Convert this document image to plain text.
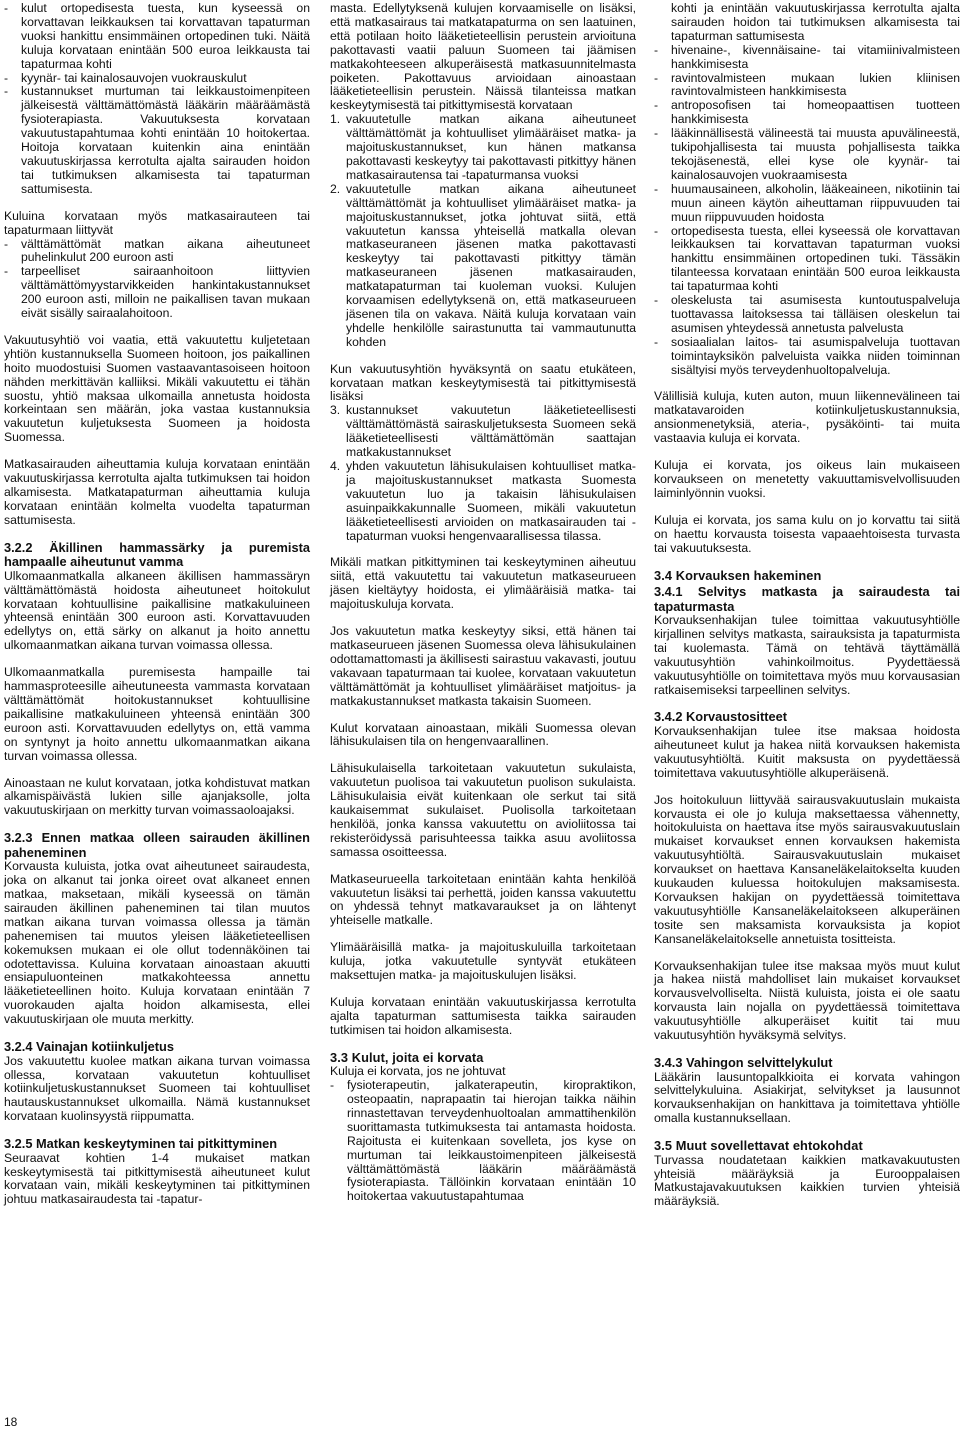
-	kulut ortopedisesta tuesta, kun kyseessä on korvattavan leikkauksen tai korvattavan tapaturman vuoksi hankittu ensimmäinen ortopedinen tuki. Näitä kuluja korvataan enintään 500 euroa leikkausta tai tapaturmaa kohti
-	kyynär- tai kainalosauvojen vuokrauskulut
-	kustannukset murtuman tai leikkaustoimenpiteen jälkeisestä välttämättömästä lääkärin määräämästä fysioterapiasta. Vakuutuksesta korvataan vakuutustapahtumaa kohti enintään 10 hoitokertaa. Hoitoja korvataan kuitenkin aina enintään vakuutuskirjassa kerrotulta ajalta sairauden hoidon tai tutkimuksen alkamisesta tai tapaturman sattumisesta.
Kuluina korvataan myös matkasairauteen tai tapaturmaan liittyvät
-	välttämättömät matkan aikana aiheutuneet puhelinkulut 200 euroon asti
-	tarpeelliset sairaanhoitoon liittyvien välttämättömyystarvikkeiden hankintakustannukset 200 euroon asti, milloin ne paikallisen tavan mukaan eivät sisälly sairaalahoitoon.
Vakuutusyhtiö voi vaatia, että vakuutettu kuljetetaan yhtiön kustannuksella Suomeen hoitoon, jos paikallinen hoito muodostuisi Suomen vastaavantasoiseen hoitoon nähden merkittävän kalliiksi. Mikäli vakuutettu ei tähän suostu, yhtiö maksaa ulkomailla annetusta hoidosta korkeintaan sen määrän, joka vastaa kustannuksia vakuutetun kuljetuksesta Suomeen ja hoidosta Suomessa.
Matkasairauden aiheuttamia kuluja korvataan enintään vakuutuskirjassa kerrotulta ajalta tutkimuksen tai hoidon alkamisesta. Matkatapaturman aiheuttamia kuluja korvataan enintään kolmelta vuodelta tapaturman sattumisesta.
3.2.2 Äkillinen hammassärky ja puremista hampaalle aiheutunut vamma
Ulkomaanmatkalla alkaneen äkillisen hammassäryn välttämättömästä hoidosta aiheutuneet hoitokulut korvataan kohtuullisine paikallisine matkakuluineen yhteensä enintään 300 euroon asti. Korvattavuuden edellytys on, että särky on alkanut ja hoito annettu ulkomaanmatkan aikana turvan voimassa ollessa.
Ulkomaanmatkalla puremisesta hampaille tai hammasproteesille aiheutuneesta vammasta korvataan välttämättömät hoitokustannukset kohtuullisine paikallisine matkakuluineen yhteensä enintään 300 euroon asti. Korvattavuuden edellytys on, että vamma on syntynyt ja hoito annettu ulkomaanmatkan aikana turvan voimassa ollessa.
Ainoastaan ne kulut korvataan, jotka kohdistuvat matkan alkamispäivästä lukien sille ajanjaksolle, jolta vakuutuskirjaan on merkitty turvan voimassaoloajaksi.
3.2.3 Ennen matkaa olleen sairauden äkillinen paheneminen
Korvausta kuluista, jotka ovat aiheutuneet sairaudesta, joka on alkanut tai jonka oireet ovat alkaneet ennen matkaa, maksetaan, mikäli kyseessä on tämän sairauden äkillinen paheneminen tai tilan muutos matkan aikana turvan voimassa ollessa ja tämän pahenemisen tai muutos yleisen lääketieteellisen kokemuksen mukaan ei ole ollut todennäköinen tai odotettavissa. Kuluina korvataan ainoastaan akuutti ensiapuluonteinen matkakohteessa annettu lääketieteellinen hoito. Kuluja korvataan enintään 7 vuorokauden ajalta hoidon alkamisesta, ellei vakuutuskirjaan ole muuta merkitty.
3.2.4 Vainajan kotiinkuljetus
Jos vakuutettu kuolee matkan aikana turvan voimassa ollessa, korvataan vakuutetun kohtuulliset kotiinkuljetuskustannukset Suomeen tai kohtuulliset hautauskustannukset ulkomailla. Nämä kustannukset korvataan kuolinsyystä riippumatta.
3.2.5 Matkan keskeytyminen tai pitkittyminen
Seuraavat kohtien 1-4 mukaiset matkan keskeytymisestä tai pitkittymisestä aiheutuneet kulut korvataan vain, mikäli keskeytyminen tai pitkittyminen johtuu matkasairaudesta tai -tapatur-
masta. Edellytyksenä kulujen korvaamiselle on lisäksi, että matkasairaus tai matkatapaturma on sen laatuinen, että potilaan hoito lääketieteellisin perustein arvioituna pakottavasti vaatii paluun Suomeen tai jäämisen matkakohteeseen alkuperäisestä matkasuunnitelmasta poiketen. Pakottavuus arvioidaan ainoastaan lääketieteellisin perustein. Näissä tilanteissa matkan keskeytymisestä tai pitkittymisestä korvataan
1. vakuutetulle matkan aikana aiheutuneet välttämättömät ja kohtuulliset ylimääräiset matka- ja majoituskustannukset, kun hänen matkansa pakottavasti keskeytyy tai pakottavasti pitkittyy hänen matkasairautensa tai -tapaturmansa vuoksi
2. vakuutetulle matkan aikana aiheutuneet välttämättömät ja kohtuulliset ylimääräiset matka- ja majoituskustannukset, jotka johtuvat siitä, että vakuutetun kanssa yhteisellä matkalla olevan matkaseuraneen jäsenen matka pakottavasti keskeytyy tai pakottavasti pitkittyy tämän matkaseuraneen jäsenen matkasairauden, matkatapaturman tai kuoleman vuoksi. Kulujen korvaamisen edellytyksenä on, että matkaseurueen jäsenen tila on vakava. Näitä kuluja korvataan vain yhdelle henkilölle sairastunutta tai vammautunutta kohden
Kun vakuutusyhtiön hyväksyntä on saatu etukäteen, korvataan matkan keskeytymisestä tai pitkittymisestä lisäksi
3. kustannukset vakuutetun lääketieteellisesti välttämättömästä sairaskuljetuksesta Suomeen sekä lääketieteellisesti välttämättömän saattajan matkakustannukset
4. yhden vakuutetun lähisukulaisen kohtuulliset matka- ja majoituskustannukset matkasta Suomesta vakuutetun luo ja takaisin lähisukulaisen asuinpaikkakunnalle Suomeen, mikäli vakuutetun lääketieteellisesti arvioiden on matkasairauden tai - tapaturman vuoksi hengenvaarallisessa tilassa.
Mikäli matkan pitkittyminen tai keskeytyminen aiheutuu siitä, että vakuutettu tai vakuutetun matkaseurueen jäsen kieltäytyy hoidosta, ei ylimääräisiä matka- tai majoituskuluja korvata.
Jos vakuutetun matka keskeytyy siksi, että hänen tai matkaseurueen jäsenen Suomessa oleva lähisukulainen odottamattomasti ja äkillisesti sairastuu vakavasti, joutuu vakavaan tapaturmaan tai kuolee, korvataan vakuutetun välttämättömät ja kohtuulliset ylimääräiset matjoitus- ja matkakustannukset matkasta takaisin Suomeen.
Kulut korvataan ainoastaan, mikäli Suomessa olevan lähisukulaisen tila on hengenvaarallinen.
Lähisukulaisella tarkoitetaan vakuutetun sukulaista, vakuutetun puolisoa tai vakuutetun puolison sukulaista. Lähisukulaisia eivät kuitenkaan ole serkut tai sitä kaukaisemmat sukulaiset. Puolisolla tarkoitetaan henkilöä, jonka kanssa vakuutettu on avioliitossa tai rekisteröidyssä parisuhteessa taikka asuu avoliitossa samassa osoitteessa.
Matkaseurueella tarkoitetaan enintään kahta henkilöä vakuutetun lisäksi tai perhettä, joiden kanssa vakuutettu on yhdessä tehnyt matkavaraukset ja on lähtenyt yhteiselle matkalle.
Ylimääräisillä matka- ja majoituskuluilla tarkoitetaan kuluja, jotka vakuutetulle syntyvät etukäteen maksettujen matka- ja majoituskulujen lisäksi.
Kuluja korvataan enintään vakuutuskirjassa kerrotulta ajalta tapaturman sattumisesta taikka sairauden tutkimisen tai hoidon alkamisesta.
3.3 Kulut, joita ei korvata
Kuluja ei korvata, jos ne johtuvat
-	fysioterapeutin, jalkaterapeutin, kiropraktikon, osteopaatin, naprapaatin tai hierojan taikka näihin rinnastettavan terveydenhuoltoalan ammattihenkilön suorittamasta tutkimuksesta tai antamasta hoidosta. Rajoitusta ei kuitenkaan sovelleta, jos kyse on murtuman tai leikkaustoimenpiteen jälkeisestä välttämättömästä lääkärin määräämästä fysioterapiasta. Tällöinkin korvataan enintään 10 hoitokertaa vakuutustapahtumaa
kohti ja enintään vakuutuskirjassa kerrotulta ajalta sairauden hoidon tai tutkimuksen alkamisesta tai tapaturman sattumisesta
-	hivenaine-, kivennäisaine- tai vitamiinivalmisteen hankkimisesta
-	ravintovalmisteen mukaan lukien kliinisen ravintovalmisteen hankkimisesta
-	antroposofisen tai homeopaattisen tuotteen hankkimisesta
-	lääkinnällisestä välineestä tai muusta apuvälineestä, tukipohjallisesta tai muusta pohjallisesta taikka tekojäsenestä, ellei kyse ole kyynär- tai kainalosauvojen vuokraamisesta
-	huumausaineen, alkoholin, lääkeaineen, nikotiinin tai muun aineen käytön aiheuttaman riippuvuuden tai muun riippuvuuden hoidosta
-	ortopedisesta tuesta, ellei kyseessä ole korvattavan leikkauksen tai korvattavan tapaturman vuoksi hankittu ensimmäinen ortopedinen tuki. Tässäkin tilanteessa korvataan enintään 500 euroa leikkausta tai tapaturmaa kohti
-	oleskelusta tai asumisesta kuntoutuspalveluja tuottavassa laitoksessa tai tälläisen oleskelun tai asumisen yhteydessä annetusta palvelusta
-	sosiaalialan laitos- tai asumispalveluja tuottavan toimintayksikön palveluista vaikka niiden toiminnan sisältyisi myös terveydenhuoltopalveluja.
Välillisiä kuluja, kuten auton, muun liikennevälineen tai matkatavaroiden kotiinkuljetuskustannuksia, ansionmenetyksiä, ateria-, pysäköinti- tai muita vastaavia kuluja ei korvata.
Kuluja ei korvata, jos oikeus lain mukaiseen korvaukseen on menetetty vakuuttamisvelvollisuuden laiminlyönnin vuoksi.
Kuluja ei korvata, jos sama kulu on jo korvattu tai siitä on haettu korvausta toisesta vapaaehtoisesta turvasta tai vakuutuksesta.
3.4 Korvauksen hakeminen
3.4.1 Selvitys matkasta ja sairaudesta tai tapaturmasta
Korvauksenhakijan tulee toimittaa vakuutusyhtiölle kirjallinen selvitys matkasta, sairauksista ja tapaturmista tai kuolemasta. Tämä on tehtävä täyttämällä vakuutusyhtiön vahinkoilmoitus. Pyydettäessä vakuutusyhtiölle on toimitettava myös muu korvausasian ratkaisemiseksi tarpeellinen selvitys.
3.4.2 Korvaustositteet
Korvauksenhakijan tulee itse maksaa hoidosta aiheutuneet kulut ja hakea niitä korvauksen hakemista vakuutusyhtiöltä. Kuitit maksusta on pyydettäessä toimitettava vakuutusyhtiölle alkuperäisenä.
Jos hoitokuluun liittyvää sairausvakuutuslain mukaista korvausta ei ole jo kuluja maksettaessa vähennetty, hoitokuluista on haettava itse myös sairausvakuutuslain mukaiset korvaukset ennen korvauksen hakemista vakuutusyhtiöltä. Sairausvakuutuslain mukaiset korvaukset on haettava Kansaneläkelaitokselta kuuden kuukauden kuluessa hoitokulujen maksamisesta. Korvauksen hakijan on pyydettäessä toimitettava vakuutusyhtiölle Kansaneläkelaitokseen alkuperäinen tosite sen maksamista korvauksista ja kopiot Kansaneläkelaitokselle annetuista tositteista.
Korvauksenhakijan tulee itse maksaa myös muut kulut ja hakea niistä mahdolliset lain mukaiset korvaukset korvausvelvolliselta. Niistä kuluista, joista ei ole saatu korvausta lain nojalla on pyydettäessä toimitettava vakuutusyhtiölle alkuperäiset kuitit tai muu vakuutusyhtiön hyväksymä selvitys.
3.4.3 Vahingon selvittelykulut
Lääkärin lausuntopalkkioita ei korvata vahingon selvittelykuluina. Asiakirjat, selvitykset ja lausunnot korvauksenhakijan on hankittava ja toimitettava yhtiölle omalla kustannuksellaan.
3.5 Muut sovellettavat ehtokohdat
Turvassa noudatetaan kaikkien matkavakuutusten yhteisiä määräyksiä ja Eurooppalaisen Matkustajavakuutuksen kaikkien turvien yhteisiä määräyksiä.
18
